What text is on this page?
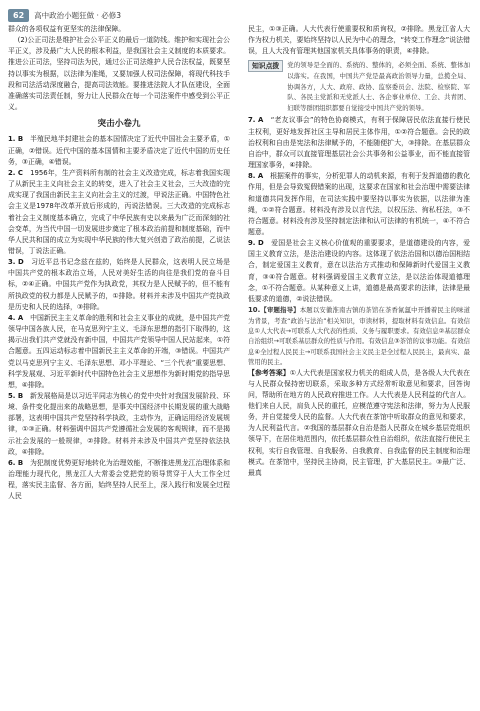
62	高中政治小题狂做 · 必修3

群众的各项权益有更坚实的法律保障。

(2)公正司法是维护社会公平正义的最后一道防线。维护和实现社会公平正义，涉及最广大人民的根本利益，是我国社会主义制度的本质要求。推进公正司法，坚持司法为民，通过公正司法维护人民合法权益，既要坚持以事实为根据，以法律为准绳，又要加强人权司法保障，将现代科技手段和司法活动深度融合，提高司法效能。要推进法院人才队伍建设，全面准确落实司法责任制，努力让人民群众在每一个司法案件中感受到公平正义。

突击小卷九

1. B　 半殖民地半封建社会的基本国情决定了近代中国社会主要矛盾，①正确，②错误。近代中国的基本国情和主要矛盾决定了近代中国的历史任务，③正确，④错误。

2. C　 1956年，生产资料所有制的社会主义改造完成，标志着我国实现了从新民主主义向社会主义的转变，进入了社会主义社会，三大改造的完成实现了我国由新民主主义向社会主义的过渡，甲说法正确。中国特色社会主义是1978年改革开放后形成的，丙说法错误。三大改造的完成标志着社会主义制度基本确立，完成了中华民族有史以来最为广泛而深刻的社会变革，为当代中国一切发展进步奠定了根本政治前提和制度基础，而中华人民共和国的成立为实现中华民族的伟大复兴创造了政治前提，乙说法错误，丁说法正确。

3. D　 习近平总书记念兹在兹的，始终是人民群众，这表明人民立场是中国共产党的根本政治立场，人民对美好生活的向往是我们党的奋斗目标，②④正确。中国共产党作为执政党，其权力是人民赋予的，但不能有所执政党的权力都是人民赋予的，①排除。材料并未涉及中国共产党执政是历史和人民的选择，③排除。

4. A　 中国新民主主义革命的胜利和社会主义事业的成就，是中国共产党领导中国各族人民，在马克思列宁主义、毛泽东思想的指引下取得的，这揭示出我们共产党就没有新中国，中国共产党领导中国人民站起来，①符合题意。五四运动标志着中国新民主主义革命的开端，③错误。中国共产党以马克思列宁主义、毛泽东思想、邓小平理论、“三个代表”重要思想、科学发展观、习近平新时代中国特色社会主义思想作为新时期党的指导思想，④排除。

5. B　 新发展格局是以习近平同志为核心的党中央针对我国发展阶段、环境、条件变化提出来的战略思想，是事关中国经济中长期发展的重大战略部署，这表明中国共产党坚持科学执政，主动作为，正确运用经济发展规律，①③正确。材料强调中国共产党遵循社会发展的客观规律，而不是揭示社会发展的一般规律，②排除。材料并未涉及中国共产党坚持依法执政，④排除。

6. B　 为犯制度优势更好地转化为治理效能，不断推进黑龙江治理体系和治理能力现代化，黑龙江人大常委会党把党的领导贯穿于人大工作全过程，落实民主监督、各方面，始终坚持人民至上，深入践行和发展全过程人民

民主，①③正确。人大代表行使重要权和质询权，②排除。黑龙江省人大作为权力机关，要始终坚持以人民为中心的理念，“转变工作理念”说法错误，且人大没有管理其他国家机关具体事务的职责，④排除。

知识点拨	党的领导是全面的、系统的、整体的，必须全面、系统、整体加以落实。在我国，中国共产党是最高政治领导力量，总揽全局、协调各方，人大、政府、政协、监察委员会、法院、检察院、军队、各民主党派和无党派人士、各企事业单位、工会、共青团、妇联等群团组织都要自觉接受中国共产党的领导。

7. A　 “老友议事会”的特色协商模式，有利于保障居民依法直接行使民主权利，更好地发挥社区主导和居民主体作用，①②符合题意。会民的政治权利和自由是宪法和法律赋予的，不能随便扩大，③排除。在基层群众自治中，群众可以直接管理基层社会公共事务和公益事业，而不能直接管理国家事务，④排除。

8. A　 根据案件的事实，分析犯罪人的动机来源，有利于发挥道德的教化作用，但是会导致冤假错案的出现，这要求在国家和社会治理中需要法律和道德共同发挥作用，在司法实践中要坚持以事实为依据，以法律为准绳，①②符合题意。材料没有涉及以言代法，以权压法、徇私枉法，③不符合题意。材料没有涉及坚持制定法律和认可法律的有机统一，④不符合题意。

9. D　 爱国是社会主义核心价值观的重要要求，是道德建设的内容，爱国主义教育立法，是法治建设的内容。这体现了依法治国和以德治国相结合，制定爱国主义教育，意在以法治方式推动和保障新时代爱国主义教育，③④符合题意。材料强调爱国主义教育立法，是以法治体现道德理念，①不符合题意。从某种意义上讲，道德是最高要求的法律，法律是最低要求的道德，②说法错误。

10.【审题指导】本题以安徽淮南古镇的茶馆在茶香氤氲中开播着民主的味道为背景，考查“政治与法治”相关知识，审读材料，提取材料有效信息。有效信息①人大代表→可联系人大代表的性质、义务与履职要求。有效信息②基层群众自治组织→可联系基层群众的性质与作用。有效信息③茶馆的议事功能。有效信息④全过程人民民主→可联系我国社会主义民主是全过程人民民主，最真实、最管用的民主。

【参考答案】①人大代表是国家权力机关的组成人员，是各级人大代表在与人民群众保持密切联系，采取多种方式经常听取意见和要求，回答询问，帮助所在地方的人民政府推进工作。人大代表是人民利益的代言人。他们来自人民，肩负人民的重托，应模范遵守宪法和法律，努力为人民服务，并自觉接受人民的监督。人大代表在茶馆中听取群众的意见和要求，为人民利益代言。②我国的基层群众自治是指人民群众在城乡基层党组织领导下，在居住地范围内，依托基层群众性自治组织，依法直接行使民主权利，实行自我管理、自我服务、自我教育、自我监督的民主制度和治理模式。在茶馆中，坚持民主协商，民主管理，扩大基层民主。③最广泛、最真
